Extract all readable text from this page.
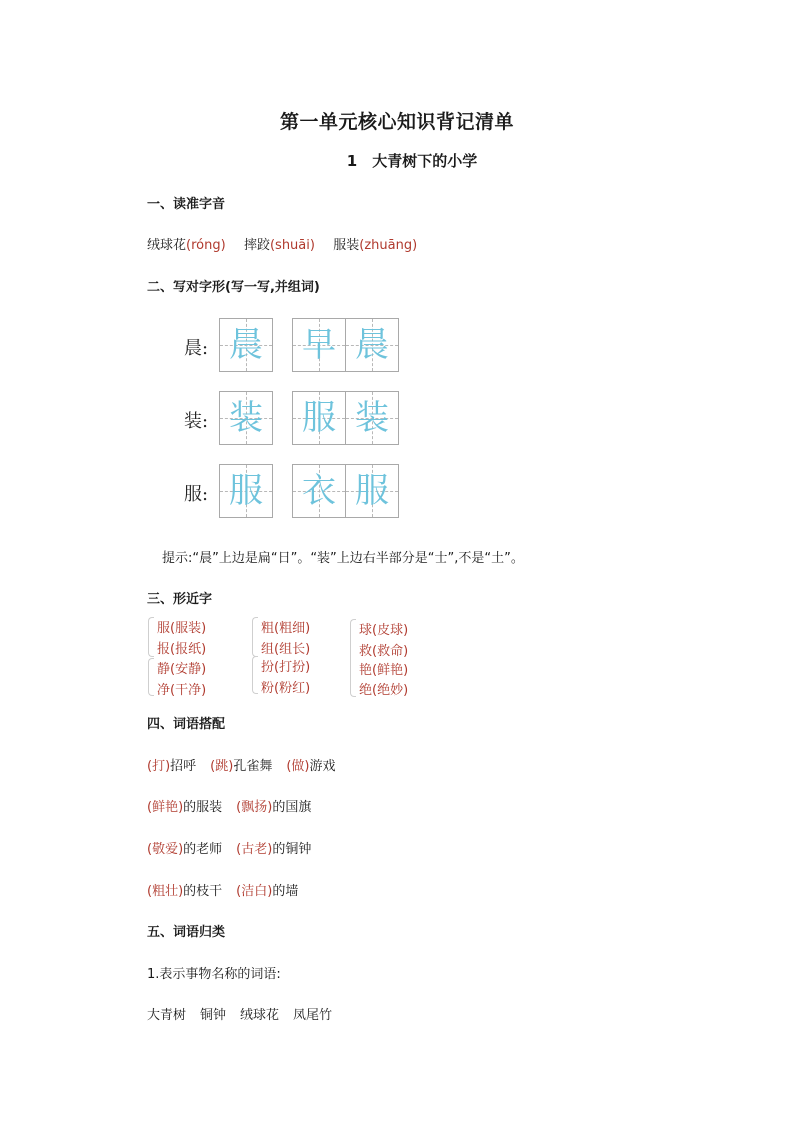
第一单元核心知识背记清单
1　大青树下的小学
一、读准字音
绒球花(róng) 摔跤(shuāi) 服装(zhuāng)
二、写对字形(写一写,并组词)
晨: 晨 早 晨
装: 装 服 装
服: 服 衣 服
提示:“晨”上边是扁“日”。“装”上边右半部分是“士”,不是“土”。
三、形近字
服(服装)
报(报纸)
静(安静)
净(干净)
粗(粗细)
组(组长)
扮(打扮)
粉(粉红)
球(皮球)
救(救命)
艳(鲜艳)
绝(绝妙)
四、词语搭配
(打)招呼 (跳)孔雀舞 (做)游戏
(鲜艳)的服装 (飘扬)的国旗
(敬爱)的老师 (古老)的铜钟
(粗壮)的枝干 (洁白)的墙
五、词语归类
1.表示事物名称的词语:
大青树 铜钟 绒球花 凤尾竹
